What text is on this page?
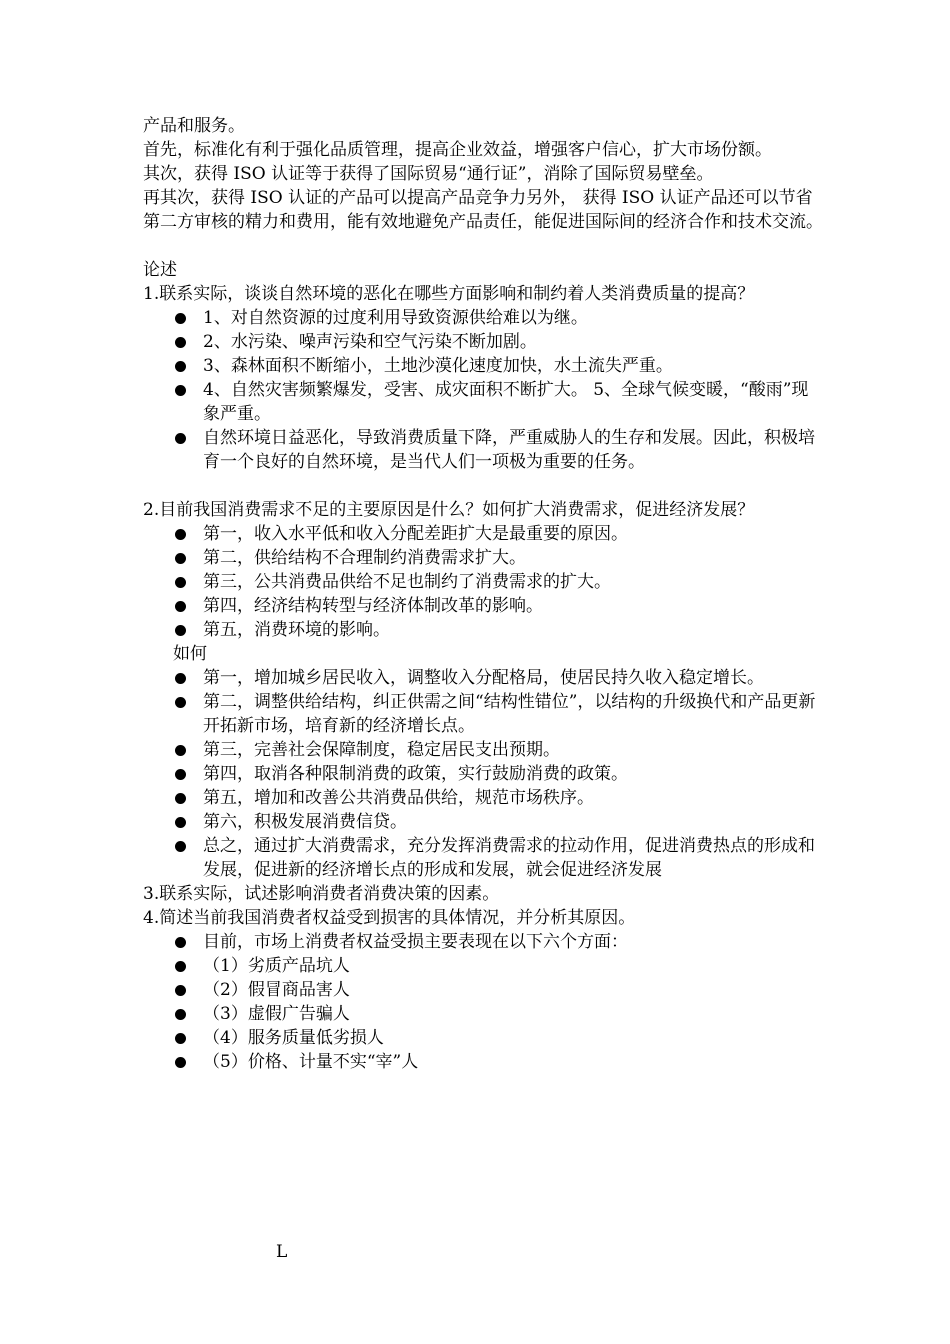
产品和服务。

首先，标准化有利于强化品质管理，提高企业效益，增强客户信心，扩大市场份额。

其次，获得 ISO 认证等于获得了国际贸易“通行证”，消除了国际贸易壁垒。

再其次，获得 ISO 认证的产品可以提高产品竞争力另外， 获得 ISO 认证产品还可以节省第二方审核的精力和费用，能有效地避免产品责任，能促进国际间的经济合作和技术交流。

论述

1.联系实际，谈谈自然环境的恶化在哪些方面影响和制约着人类消费质量的提高？

1、对自然资源的过度利用导致资源供给难以为继。
2、水污染、噪声污染和空气污染不断加剧。
3、森林面积不断缩小，土地沙漠化速度加快，水土流失严重。
4、自然灾害频繁爆发，受害、成灾面积不断扩大。 5、全球气候变暖，“酸雨”现象严重。
自然环境日益恶化，导致消费质量下降，严重威胁人的生存和发展。因此，积极培育一个良好的自然环境，是当代人们一项极为重要的任务。

2.目前我国消费需求不足的主要原因是什么？如何扩大消费需求，促进经济发展？

第一，收入水平低和收入分配差距扩大是最重要的原因。
第二，供给结构不合理制约消费需求扩大。
第三，公共消费品供给不足也制约了消费需求的扩大。
第四，经济结构转型与经济体制改革的影响。
第五，消费环境的影响。

如何

第一，增加城乡居民收入，调整收入分配格局，使居民持久收入稳定增长。
第二，调整供给结构，纠正供需之间“结构性错位”，以结构的升级换代和产品更新开拓新市场，培育新的经济增长点。
第三，完善社会保障制度，稳定居民支出预期。
第四，取消各种限制消费的政策，实行鼓励消费的政策。
第五，增加和改善公共消费品供给，规范市场秩序。
第六，积极发展消费信贷。
总之，通过扩大消费需求，充分发挥消费需求的拉动作用，促进消费热点的形成和发展，促进新的经济增长点的形成和发展，就会促进经济发展

3.联系实际，试述影响消费者消费决策的因素。

4.简述当前我国消费者权益受到损害的具体情况，并分析其原因。

目前，市场上消费者权益受损主要表现在以下六个方面：
（1）劣质产品坑人
（2）假冒商品害人
（3）虚假广告骗人
（4）服务质量低劣损人
（5）价格、计量不实“宰”人
L
